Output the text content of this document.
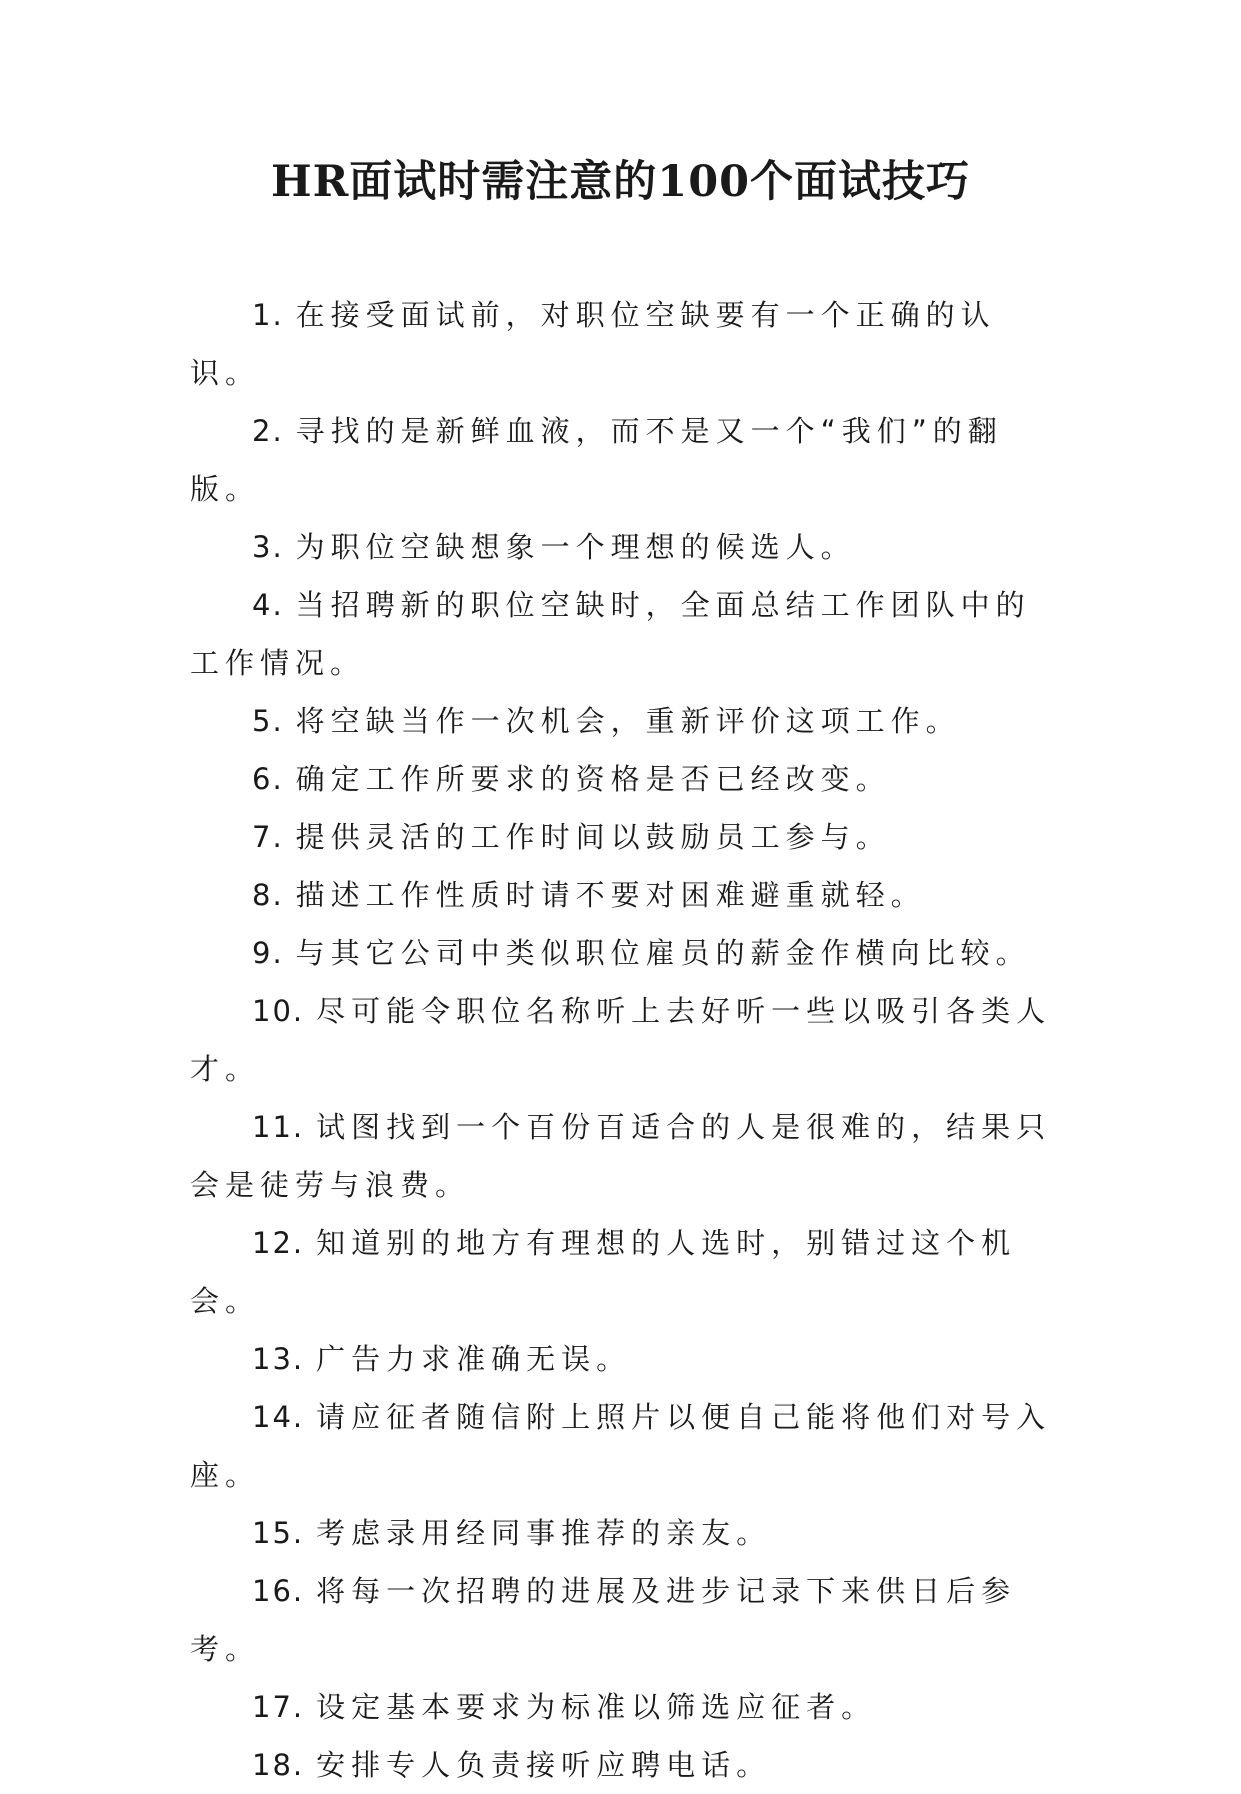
HR面试时需注意的100个面试技巧

1. 在接受面试前，对职位空缺要有一个正确的认识。

2. 寻找的是新鲜血液，而不是又一个“我们”的翻版。

3. 为职位空缺想象一个理想的候选人。

4. 当招聘新的职位空缺时，全面总结工作团队中的工作情况。

5. 将空缺当作一次机会，重新评价这项工作。

6. 确定工作所要求的资格是否已经改变。

7. 提供灵活的工作时间以鼓励员工参与。

8. 描述工作性质时请不要对困难避重就轻。

9. 与其它公司中类似职位雇员的薪金作横向比较。

10. 尽可能令职位名称听上去好听一些以吸引各类人才。

11. 试图找到一个百份百适合的人是很难的，结果只会是徒劳与浪费。

12. 知道别的地方有理想的人选时，别错过这个机会。

13. 广告力求准确无误。

14. 请应征者随信附上照片以便自己能将他们对号入座。

15. 考虑录用经同事推荐的亲友。

16. 将每一次招聘的进展及进步记录下来供日后参考。

17. 设定基本要求为标准以筛选应征者。

18. 安排专人负责接听应聘电话。
